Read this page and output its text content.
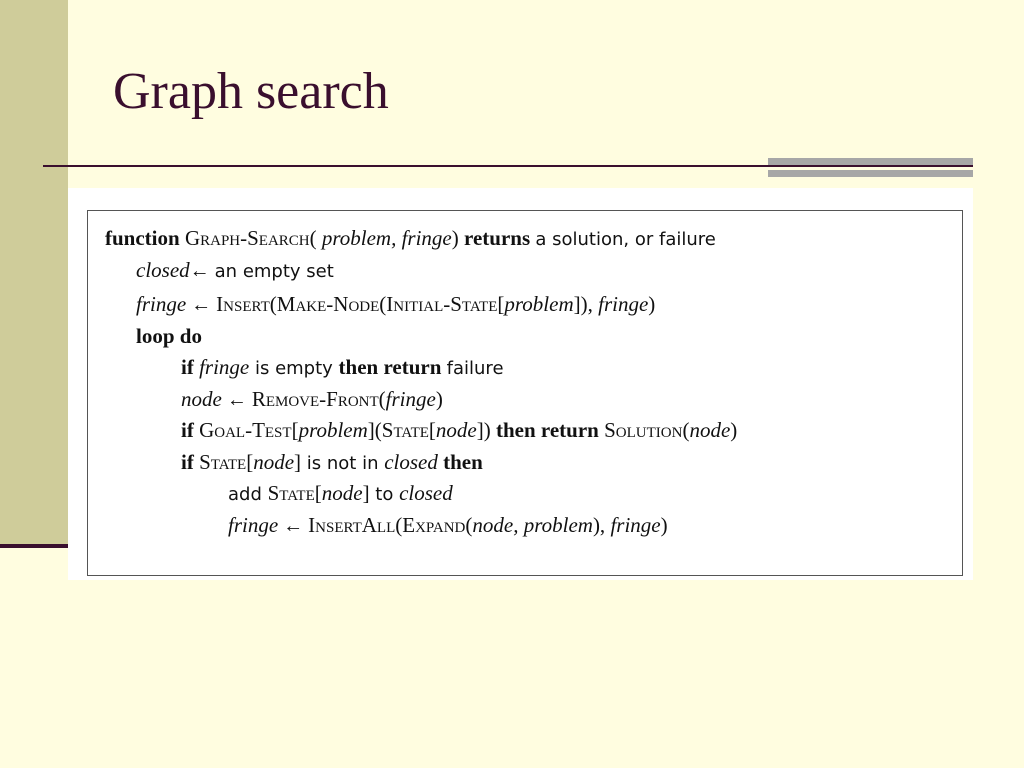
Graph search
function Graph-Search( problem, fringe) returns a solution, or failure
closed← an empty set
fringe ← Insert(Make-Node(Initial-State[problem]), fringe)
loop do
if fringe is empty then return failure
node ← Remove-Front(fringe)
if Goal-Test[problem](State[node]) then return Solution(node)
if State[node] is not in closed then
add State[node] to closed
fringe ← InsertAll(Expand(node, problem), fringe)
